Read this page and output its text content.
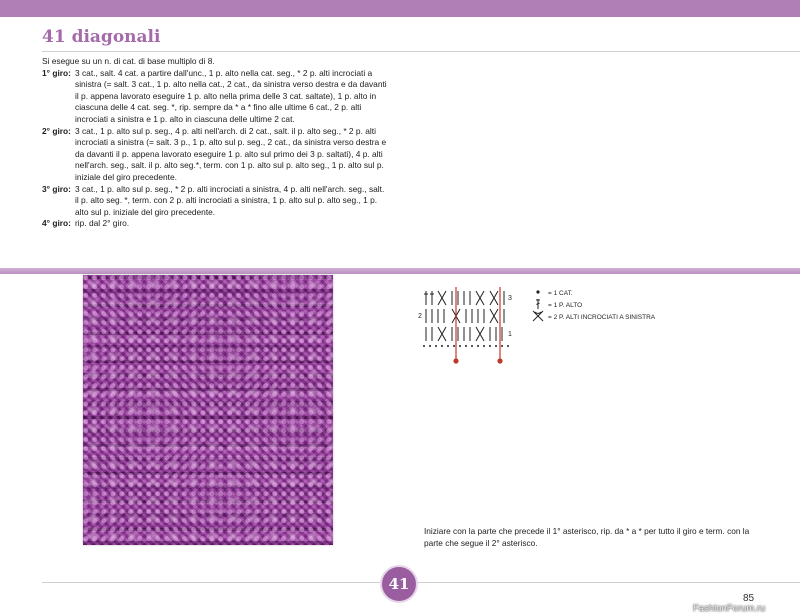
41 diagonali

Si esegue su un n. di cat. di base multiplo di 8.

1° giro: 3 cat., salt. 4 cat. a partire dall'unc., 1 p. alto nella cat. seg., * 2 p. alti incrociati a sinistra (= salt. 3 cat., 1 p. alto nella cat., 2 cat., da sinistra verso destra e da davanti il p. appena lavorato eseguire 1 p. alto nella prima delle 3 cat. saltate), 1 p. alto in ciascuna delle 4 cat. seg. *, rip. sempre da * a * fino alle ultime 6 cat., 2 p. alti incrociati a sinistra e 1 p. alto in ciascuna delle ultime 2 cat.
2° giro: 3 cat., 1 p. alto sul p. seg., 4 p. alti nell'arch. di 2 cat., salt. il p. alto seg., * 2 p. alti incrociati a sinistra (= salt. 3 p., 1 p. alto sul p. seg., 2 cat., da sinistra verso destra e da davanti il p. appena lavorato eseguire 1 p. alto sul primo dei 3 p. saltati), 4 p. alti nell'arch. seg., salt. il p. alto seg.*, term. con 1 p. alto sul p. alto seg., 1 p. alto sul p. iniziale del giro precedente.
3° giro: 3 cat., 1 p. alto sul p. seg., * 2 p. alti incrociati a sinistra, 4 p. alti nell'arch. seg., salt. il p. alto seg. *, term. con 2 p. alti incrociati a sinistra, 1 p. alto sul p. alto seg., 1 p. alto sul p. iniziale del giro precedente.
4° giro: rip. dal 2° giro.
3
2
1
= 1 CAT.
= 1 P. ALTO
= 2 P. ALTI INCROCIATI A SINISTRA

Iniziare con la parte che precede il 1° asterisco, rip. da * a * per tutto il giro e term. con la parte che segue il 2° asterisco.

41
85
FashionForum.ru
